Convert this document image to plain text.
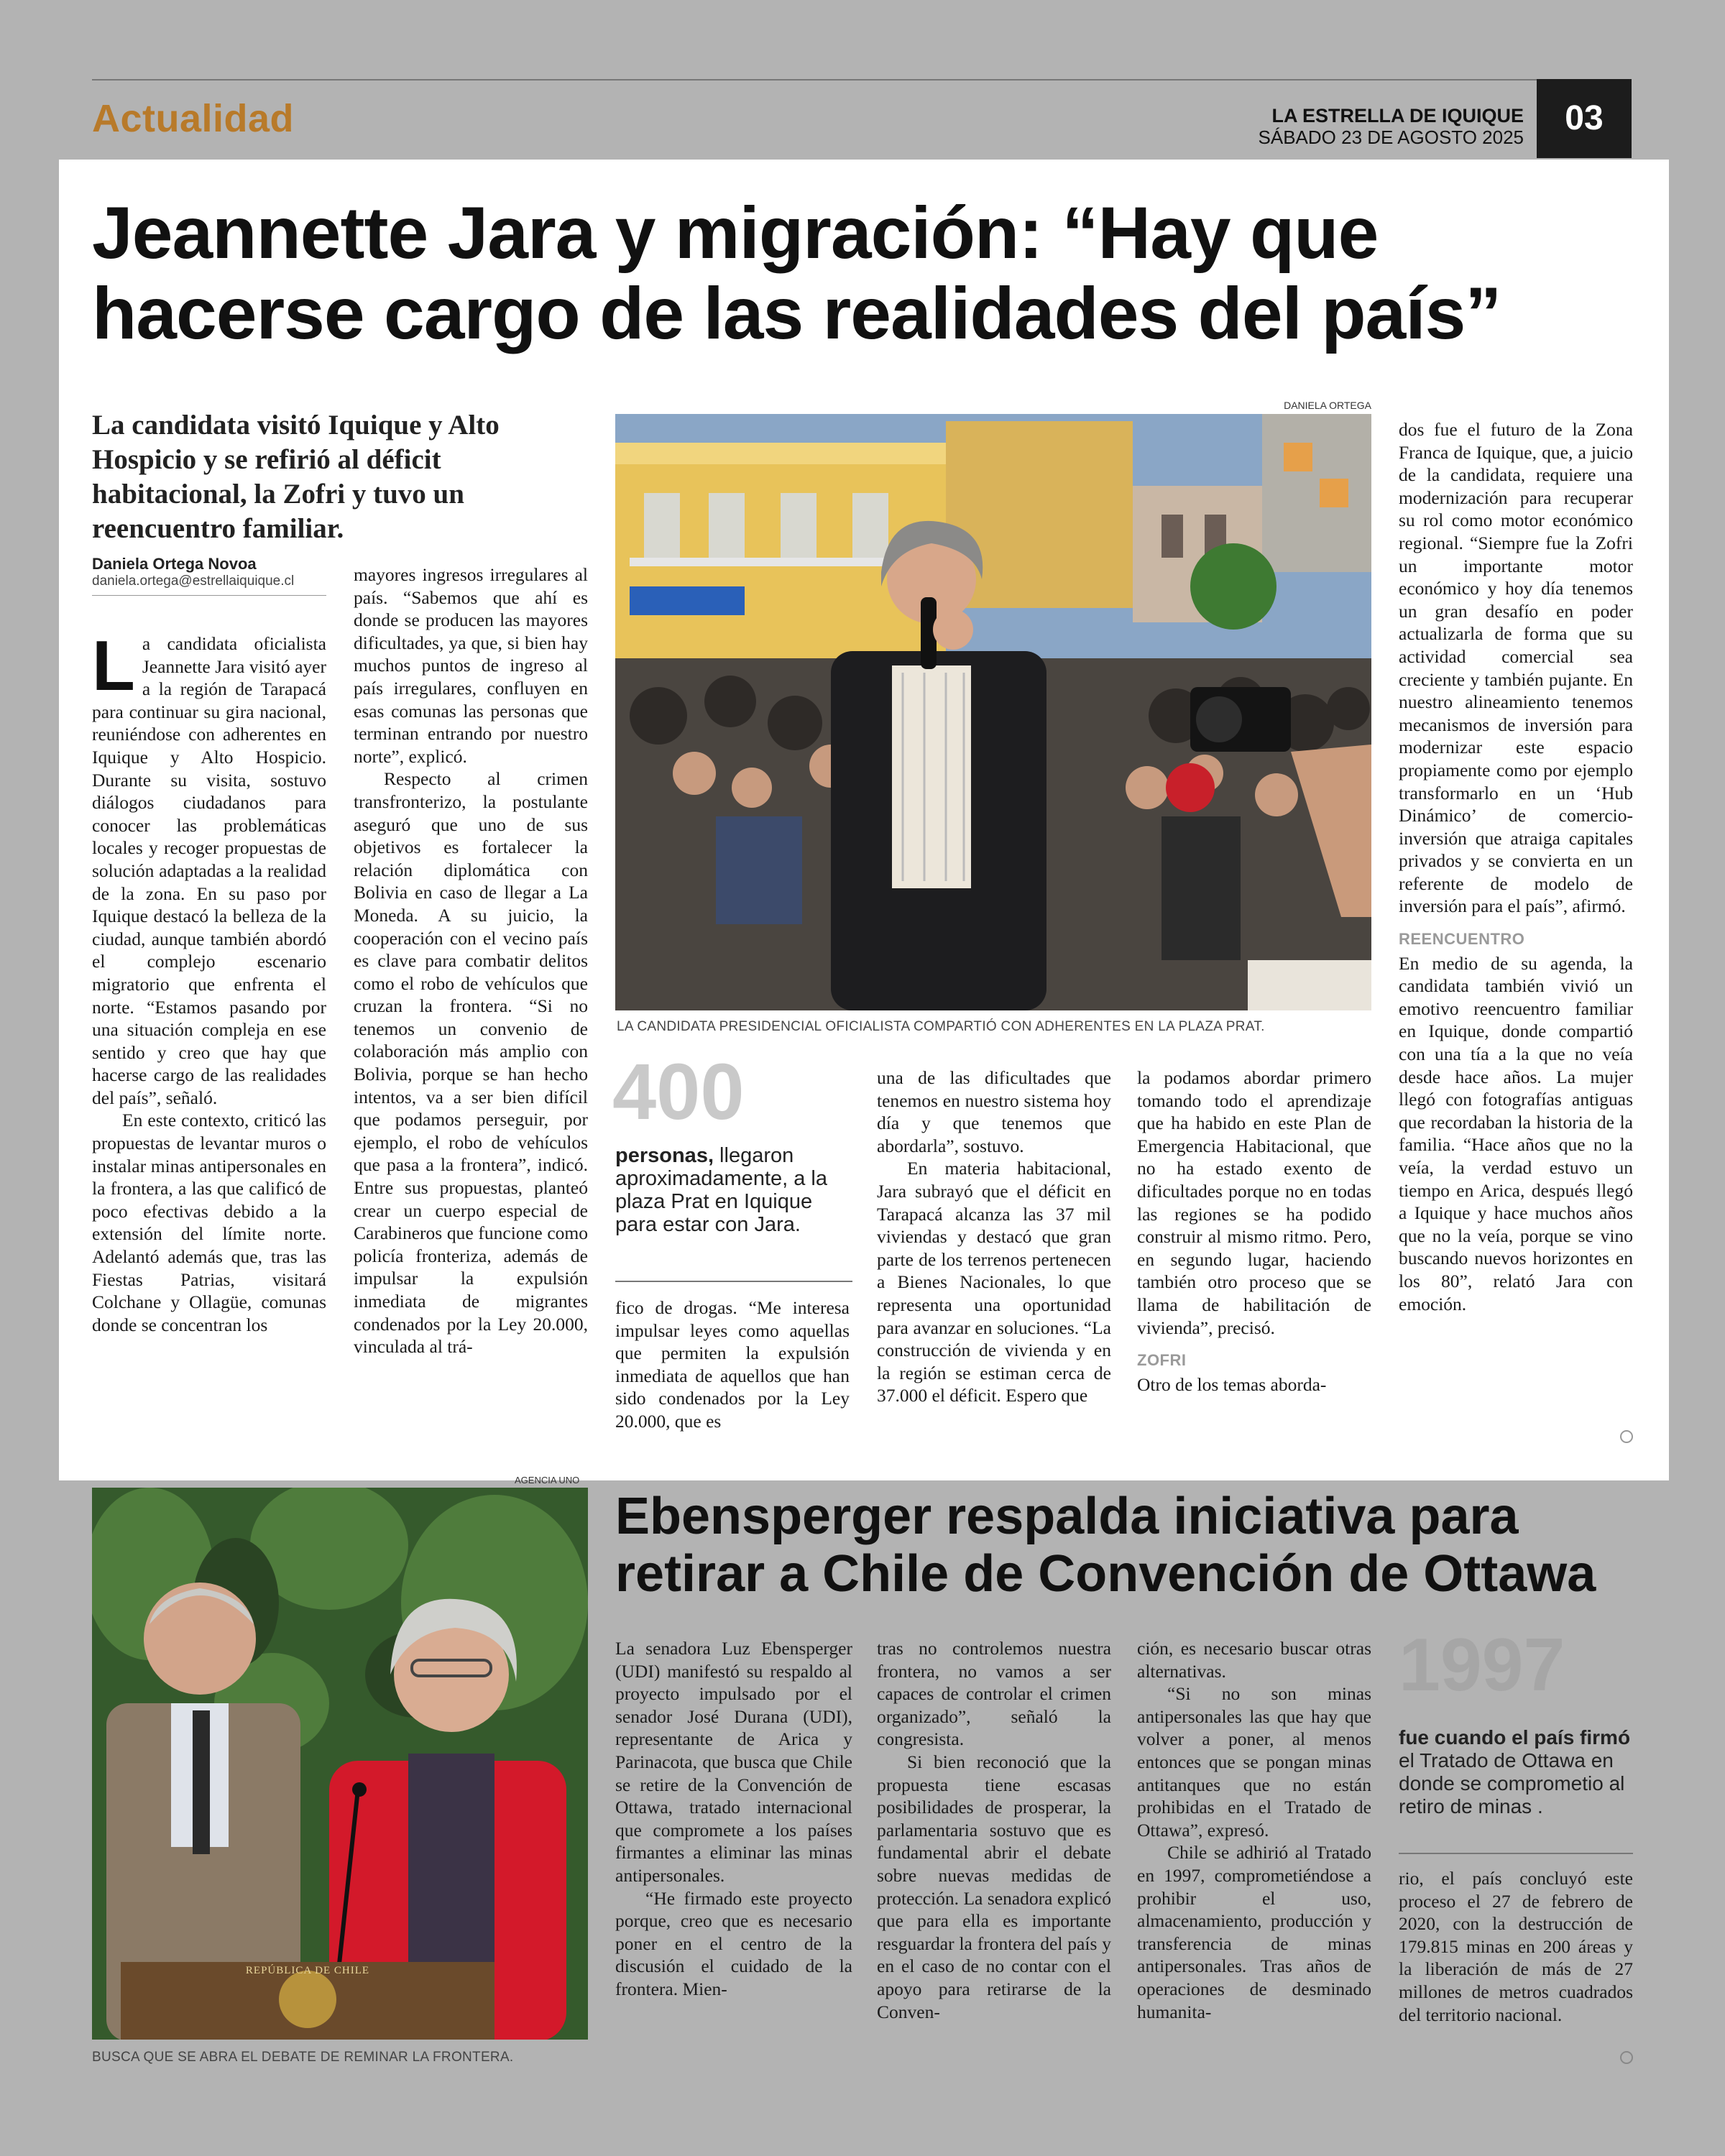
Actualidad	LA ESTRELLA DE IQUIQUE
SÁBADO 23 DE AGOSTO 2025	03
Jeannette Jara y migración: “Hay que
hacerse cargo de las realidades del país”
La candidata visitó Iquique y Alto Hospicio y se refirió al déficit habitacional, la Zofri y tuvo un reencuentro familiar.
Daniela Ortega Novoa
daniela.ortega@estrellaiquique.cl

La candidata oficialista Jeannette Jara visitó ayer a la región de Tarapacá para continuar su gira nacional, reuniéndose con adherentes en Iquique y Alto Hospicio. Durante su visita, sostuvo diálogos ciudadanos para conocer las problemáticas locales y recoger propuestas de solución adaptadas a la realidad de la zona. En su paso por Iquique destacó la belleza de la ciudad, aunque también abordó el complejo escenario migratorio que enfrenta el norte. “Estamos pasando por una situación compleja en ese sentido y creo que hay que hacerse cargo de las realidades del país”, señaló.

En este contexto, criticó las propuestas de levantar muros o instalar minas antipersonales en la frontera, a las que calificó de poco efectivas debido a la extensión del límite norte. Adelantó además que, tras las Fiestas Patrias, visitará Colchane y Ollagüe, comunas donde se concentran los

mayores ingresos irregulares al país. “Sabemos que ahí es donde se producen las mayores dificultades, ya que, si bien hay muchos puntos de ingreso al país irregulares, confluyen en esas comunas las personas que terminan entrando por nuestro norte”, explicó.

Respecto al crimen transfronterizo, la postulante aseguró que uno de sus objetivos es fortalecer la relación diplomática con Bolivia en caso de llegar a La Moneda. A su juicio, la cooperación con el vecino país es clave para combatir delitos como el robo de vehículos que cruzan la frontera. “Si no tenemos un convenio de colaboración más amplio con Bolivia, porque se han hecho intentos, va a ser bien difícil que podamos perseguir, por ejemplo, el robo de vehículos que pasa a la frontera”, indicó. Entre sus propuestas, planteó crear un cuerpo especial de Carabineros que funcione como policía fronteriza, además de impulsar la expulsión inmediata de migrantes condenados por la Ley 20.000, vinculada al trá-

DANIELA ORTEGA
LA CANDIDATA PRESIDENCIAL OFICIALISTA COMPARTIÓ CON ADHERENTES EN LA PLAZA PRAT.
400
personas, llegaron aproximadamente, a la plaza Prat en Iquique para estar con Jara.

fico de drogas. “Me interesa impulsar leyes como aquellas que permiten la expulsión inmediata de aquellos que han sido condenados por la Ley 20.000, que es

una de las dificultades que tenemos en nuestro sistema hoy día y que tenemos que abordarla”, sostuvo.

En materia habitacional, Jara subrayó que el déficit en Tarapacá alcanza las 37 mil viviendas y destacó que gran parte de los terrenos pertenecen a Bienes Nacionales, lo que representa una oportunidad para avanzar en soluciones. “La construcción de vivienda y en la región se estiman cerca de 37.000 el déficit. Espero que

la podamos abordar primero tomando todo el aprendizaje que ha habido en este Plan de Emergencia Habitacional, que no ha estado exento de dificultades porque no en todas las regiones se ha podido construir al mismo ritmo. Pero, en segundo lugar, haciendo también otro proceso que se llama de habilitación de vivienda”, precisó.

ZOFRI

Otro de los temas aborda-

dos fue el futuro de la Zona Franca de Iquique, que, a juicio de la candidata, requiere una modernización para recuperar su rol como motor económico regional. “Siempre fue la Zofri un importante motor económico y hoy día tenemos un gran desafío en poder actualizarla de forma que su actividad comercial sea creciente y también pujante. En nuestro alineamiento tenemos mecanismos de inversión para modernizar este espacio propiamente como por ejemplo transformarlo en un ‘Hub Dinámico’ de comercio-inversión que atraiga capitales privados y se convierta en un referente de modelo de inversión para el país”, afirmó.

REENCUENTRO

En medio de su agenda, la candidata también vivió un emotivo reencuentro familiar en Iquique, donde compartió con una tía a la que no veía desde hace años. La mujer llegó con fotografías antiguas que recordaban la historia de la familia. “Hace años que no la veía, la verdad estuvo un tiempo en Arica, después llegó a Iquique y hace muchos años que no la veía, porque se vino buscando nuevos horizontes en los 80”, relató Jara con emoción.

AGENCIA UNO
REPÚBLICA DE CHILE
BUSCA QUE SE ABRA EL DEBATE DE REMINAR LA FRONTERA.
Ebensperger respalda iniciativa para
retirar a Chile de Convención de Ottawa

La senadora Luz Ebensperger (UDI) manifestó su respaldo al proyecto impulsado por el senador José Durana (UDI), representante de Arica y Parinacota, que busca que Chile se retire de la Convención de Ottawa, tratado internacional que compromete a los países firmantes a eliminar las minas antipersonales.

“He firmado este proyecto porque, creo que es necesario poner en el centro de la discusión el cuidado de la frontera. Mien-

tras no controlemos nuestra frontera, no vamos a ser capaces de controlar el crimen organizado”, señaló la congresista.

Si bien reconoció que la propuesta tiene escasas posibilidades de prosperar, la parlamentaria sostuvo que es fundamental abrir el debate sobre nuevas medidas de protección. La senadora explicó que para ella es importante resguardar la frontera del país y en el caso de no contar con el apoyo para retirarse de la Conven-

ción, es necesario buscar otras alternativas.

“Si no son minas antipersonales las que hay que volver a poner, al menos entonces que se pongan minas antitanques que no están prohibidas en el Tratado de Ottawa”, expresó.

Chile se adhirió al Tratado en 1997, comprometiéndose a prohibir el uso, almacenamiento, producción y transferencia de minas antipersonales. Tras años de operaciones de desminado humanita-

1997
fue cuando el país firmó el Tratado de Ottawa en donde se comprometio al retiro de minas .

rio, el país concluyó este proceso el 27 de febrero de 2020, con la destrucción de 179.815 minas en 200 áreas y la liberación de más de 27 millones de metros cuadrados del territorio nacional.
